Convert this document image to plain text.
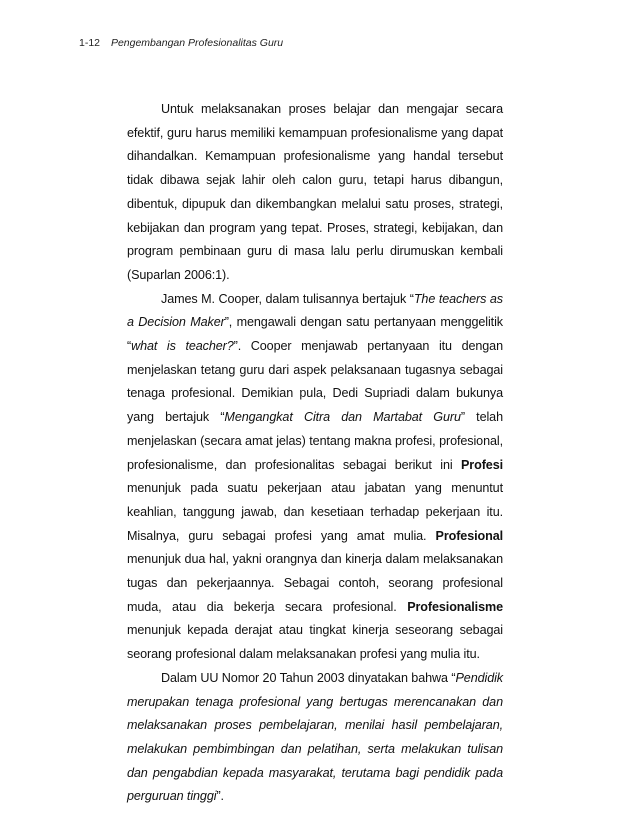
1-12 Pengembangan Profesionalitas Guru

Untuk melaksanakan proses belajar dan mengajar secara efektif, guru harus memiliki kemampuan profesionalisme yang dapat dihandalkan. Kemampuan profesionalisme yang handal tersebut tidak dibawa sejak lahir oleh calon guru, tetapi harus dibangun, dibentuk, dipupuk dan dikembangkan melalui satu proses, strategi, kebijakan dan program yang tepat. Proses, strategi, kebijakan, dan program pembinaan guru di masa lalu perlu dirumuskan kembali (Suparlan 2006:1).

James M. Cooper, dalam tulisannya bertajuk “The teachers as a Decision Maker”, mengawali dengan satu pertanyaan menggelitik “what is teacher?”. Cooper menjawab pertanyaan itu dengan menjelaskan tetang guru dari aspek pelaksanaan tugasnya sebagai tenaga profesional. Demikian pula, Dedi Supriadi dalam bukunya yang bertajuk “Mengangkat Citra dan Martabat Guru” telah menjelaskan (secara amat jelas) tentang makna profesi, profesional, profesionalisme, dan profesionalitas sebagai berikut ini Profesi menunjuk pada suatu pekerjaan atau jabatan yang menuntut keahlian, tanggung jawab, dan kesetiaan terhadap pekerjaan itu. Misalnya, guru sebagai profesi yang amat mulia. Profesional menunjuk dua hal, yakni orangnya dan kinerja dalam melaksanakan tugas dan pekerjaannya. Sebagai contoh, seorang profesional muda, atau dia bekerja secara profesional. Profesionalisme menunjuk kepada derajat atau tingkat kinerja seseorang sebagai seorang profesional dalam melaksanakan profesi yang mulia itu.

Dalam UU Nomor 20 Tahun 2003 dinyatakan bahwa “Pendidik merupakan tenaga profesional yang bertugas merencanakan dan melaksanakan proses pembelajaran, menilai hasil pembelajaran, melakukan pembimbingan dan pelatihan, serta melakukan tulisan dan pengabdian kepada masyarakat, terutama bagi pendidik pada perguruan tinggi”.
